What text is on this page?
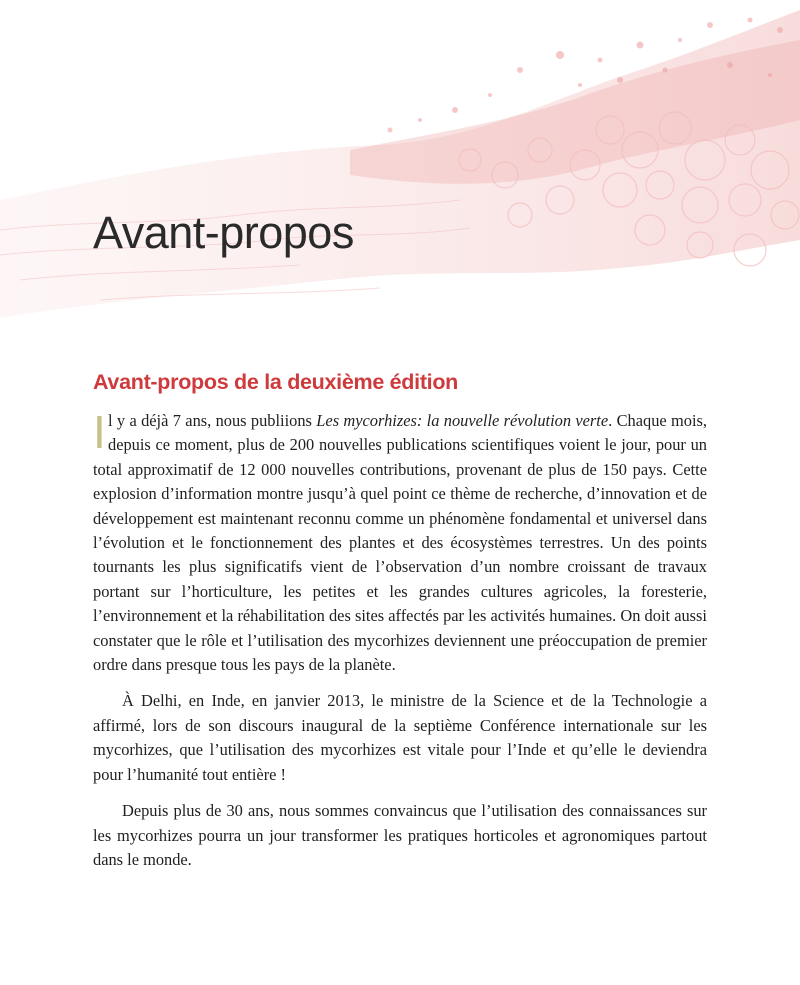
Avant-propos
Avant-propos de la deuxième édition

Il y a déjà 7 ans, nous publiions Les mycorhizes: la nouvelle révolution verte. Chaque mois, depuis ce moment, plus de 200 nouvelles publications scientifiques voient le jour, pour un total approximatif de 12 000 nouvelles contributions, provenant de plus de 150 pays. Cette explosion d’information montre jusqu’à quel point ce thème de recherche, d’innovation et de développement est maintenant reconnu comme un phénomène fondamental et universel dans l’évolution et le fonctionnement des plantes et des écosystèmes terrestres. Un des points tournants les plus significatifs vient de l’observation d’un nombre croissant de travaux portant sur l’horticulture, les petites et les grandes cultures agricoles, la foresterie, l’environnement et la réhabilitation des sites affectés par les activités humaines. On doit aussi constater que le rôle et l’utilisation des mycorhizes deviennent une préoccupation de premier ordre dans presque tous les pays de la planète.

À Delhi, en Inde, en janvier 2013, le ministre de la Science et de la Technologie a affirmé, lors de son discours inaugural de la septième Conférence internationale sur les mycorhizes, que l’utilisation des mycorhizes est vitale pour l’Inde et qu’elle le deviendra pour l’humanité tout entière !

Depuis plus de 30 ans, nous sommes convaincus que l’utilisation des connaissances sur les mycorhizes pourra un jour transformer les pratiques horticoles et agronomiques partout dans le monde.
